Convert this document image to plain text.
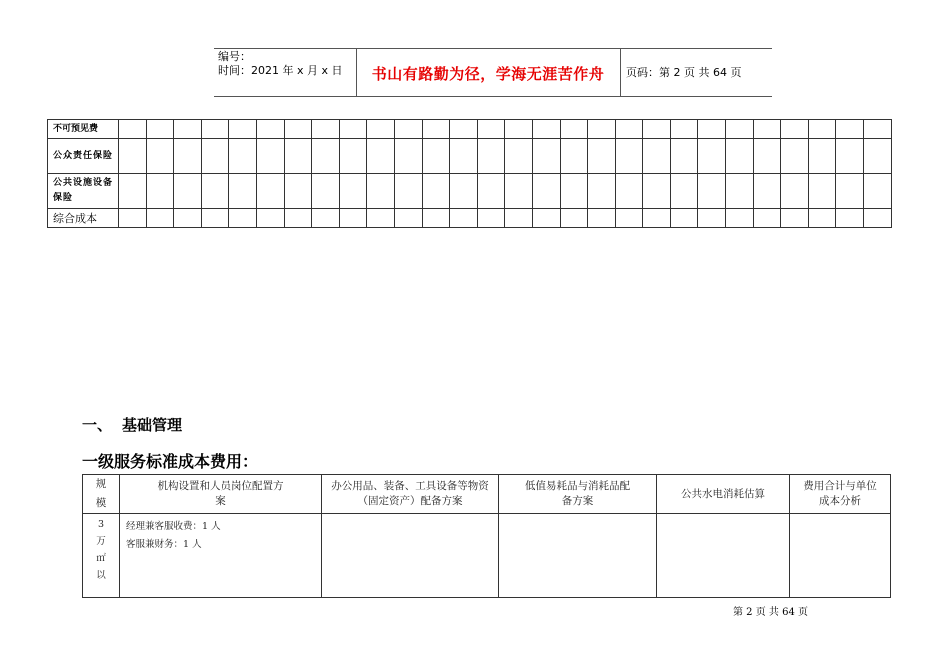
编号：
时间：2021 年 x 月 x 日	书山有路勤为径，学海无涯苦作舟	页码：第 2 页 共 64 页
不可预见费																												
公众责任保险																												
公共设施设备保险																												
综合成本																												
一、 基础管理
一级服务标准成本费用：
规模	机构设置和人员岗位配置方案	办公用品、装备、工具设备等物资（固定资产）配备方案	低值易耗品与消耗品配备方案	公共水电消耗估算	费用合计与单位成本分析

3万㎡以	经理兼客服收费：1 人
客服兼财务：1 人				

第 2 页 共 64 页
